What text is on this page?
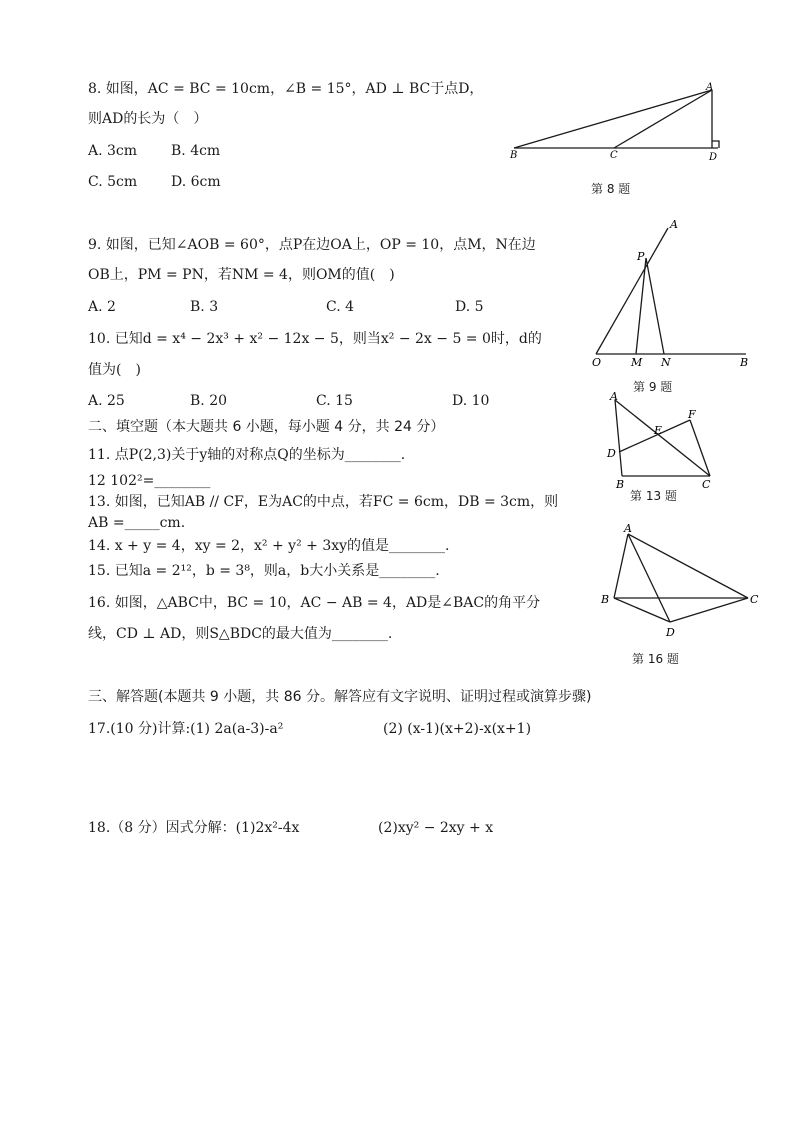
8. 如图，AC = BC = 10cm，∠B = 15°，AD ⊥ BC于点D，
则AD的长为（　）
A. 3cm B. 4cm
C. 5cm D. 6cm
A
B	C	D
第 8 题
9. 如图，已知∠AOB = 60°，点P在边OA上，OP = 10，点M，N在边
OB上，PM = PN，若NM = 4，则OM的值(　)
A. 2	B. 3	C. 4	D. 5
A
P
O	M N	B
第 9 题
10. 已知d = x⁴ − 2x³ + x² − 12x − 5，则当x² − 2x − 5 = 0时，d的
值为(　)
A. 25	B. 20	C. 15	D. 10
二、填空题（本大题共 6 小题，每小题 4 分，共 24 分）
11. 点P(2,3)关于y轴的对称点Q的坐标为________.
12 102²=________
13. 如图，已知AB // CF，E为AC的中点，若FC = 6cm，DB = 3cm，则
AB =_____cm.
A
F
E
D
B	C
第 13 题
14. x + y = 4，xy = 2，x² + y² + 3xy的值是________.
15. 已知a = 2¹²，b = 3⁸，则a，b大小关系是________.
16. 如图，△ABC中，BC = 10，AC − AB = 4，AD是∠BAC的角平分
线，CD ⊥ AD，则S△BDC的最大值为________.
A
B	C
D
第 16 题
三、解答题(本题共 9 小题，共 86 分。解答应有文字说明、证明过程或演算步骤)
17.(10 分)计算:(1) 2a(a-3)-a²	(2) (x-1)(x+2)-x(x+1)
18.（8 分）因式分解：(1)2x²-4x	(2)xy² − 2xy + x
